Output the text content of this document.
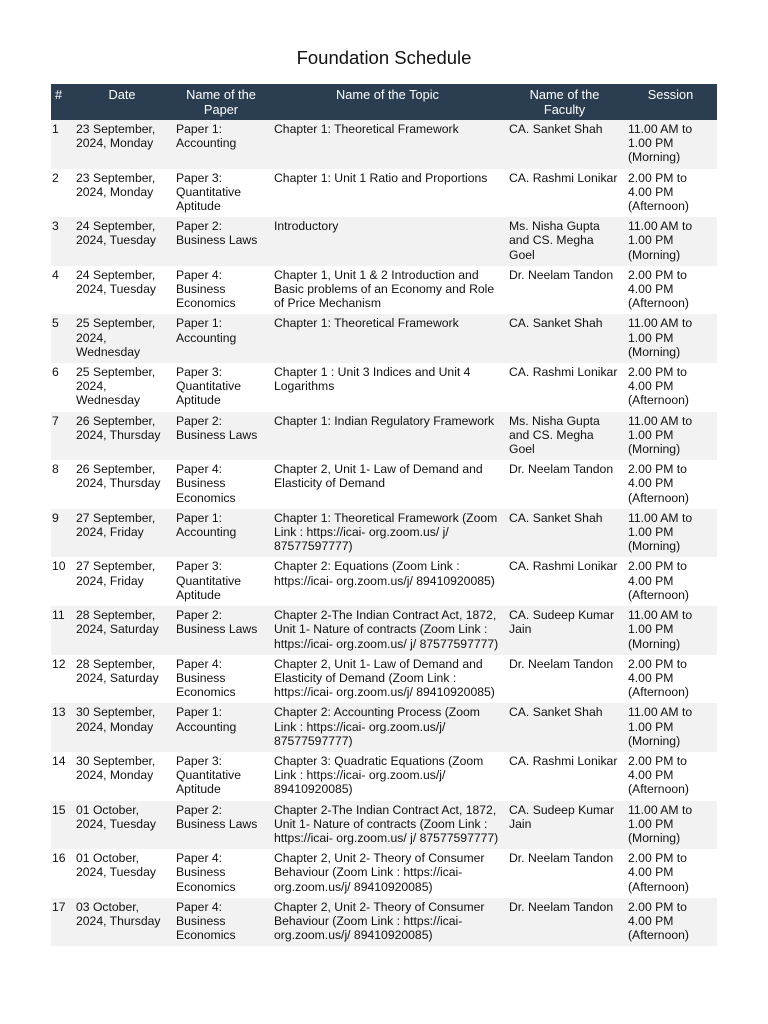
Foundation Schedule
#	Date	Name of the Paper	Name of the Topic	Name of the Faculty	Session
1	23 September, 2024, Monday	Paper 1: Accounting	Chapter 1: Theoretical Framework	CA. Sanket Shah	11.00 AM to 1.00 PM (Morning)
2	23 September, 2024, Monday	Paper 3: Quantitative Aptitude	Chapter 1: Unit 1 Ratio and Proportions	CA. Rashmi Lonikar	2.00 PM to 4.00 PM (Afternoon)
3	24 September, 2024, Tuesday	Paper 2: Business Laws	Introductory	Ms. Nisha Gupta and CS. Megha Goel	11.00 AM to 1.00 PM (Morning)
4	24 September, 2024, Tuesday	Paper 4: Business Economics	Chapter 1, Unit 1 & 2 Introduction and Basic problems of an Economy and Role of Price Mechanism	Dr. Neelam Tandon	2.00 PM to 4.00 PM (Afternoon)
5	25 September, 2024, Wednesday	Paper 1: Accounting	Chapter 1: Theoretical Framework	CA. Sanket Shah	11.00 AM to 1.00 PM (Morning)
6	25 September, 2024, Wednesday	Paper 3: Quantitative Aptitude	Chapter 1 : Unit 3 Indices and Unit 4 Logarithms	CA. Rashmi Lonikar	2.00 PM to 4.00 PM (Afternoon)
7	26 September, 2024, Thursday	Paper 2: Business Laws	Chapter 1: Indian Regulatory Framework	Ms. Nisha Gupta and CS. Megha Goel	11.00 AM to 1.00 PM (Morning)
8	26 September, 2024, Thursday	Paper 4: Business Economics	Chapter 2, Unit 1- Law of Demand and Elasticity of Demand	Dr. Neelam Tandon	2.00 PM to 4.00 PM (Afternoon)
9	27 September, 2024, Friday	Paper 1: Accounting	Chapter 1: Theoretical Framework (Zoom Link : https://icai- org.zoom.us/ j/ 87577597777)	CA. Sanket Shah	11.00 AM to 1.00 PM (Morning)
10	27 September, 2024, Friday	Paper 3: Quantitative Aptitude	Chapter 2: Equations (Zoom Link : https://icai- org.zoom.us/j/ 89410920085)	CA. Rashmi Lonikar	2.00 PM to 4.00 PM (Afternoon)
11	28 September, 2024, Saturday	Paper 2: Business Laws	Chapter 2-The Indian Contract Act, 1872, Unit 1- Nature of contracts (Zoom Link : https://icai- org.zoom.us/ j/ 87577597777)	CA. Sudeep Kumar Jain	11.00 AM to 1.00 PM (Morning)
12	28 September, 2024, Saturday	Paper 4: Business Economics	Chapter 2, Unit 1- Law of Demand and Elasticity of Demand (Zoom Link : https://icai- org.zoom.us/j/ 89410920085)	Dr. Neelam Tandon	2.00 PM to 4.00 PM (Afternoon)
13	30 September, 2024, Monday	Paper 1: Accounting	Chapter 2: Accounting Process (Zoom Link : https://icai- org.zoom.us/j/ 87577597777)	CA. Sanket Shah	11.00 AM to 1.00 PM (Morning)
14	30 September, 2024, Monday	Paper 3: Quantitative Aptitude	Chapter 3: Quadratic Equations (Zoom Link : https://icai- org.zoom.us/j/ 89410920085)	CA. Rashmi Lonikar	2.00 PM to 4.00 PM (Afternoon)
15	01 October, 2024, Tuesday	Paper 2: Business Laws	Chapter 2-The Indian Contract Act, 1872, Unit 1- Nature of contracts (Zoom Link : https://icai- org.zoom.us/ j/ 87577597777)	CA. Sudeep Kumar Jain	11.00 AM to 1.00 PM (Morning)
16	01 October, 2024, Tuesday	Paper 4: Business Economics	Chapter 2, Unit 2- Theory of Consumer Behaviour (Zoom Link : https://icai- org.zoom.us/j/ 89410920085)	Dr. Neelam Tandon	2.00 PM to 4.00 PM (Afternoon)
17	03 October, 2024, Thursday	Paper 4: Business Economics	Chapter 2, Unit 2- Theory of Consumer Behaviour (Zoom Link : https://icai- org.zoom.us/j/ 89410920085)	Dr. Neelam Tandon	2.00 PM to 4.00 PM (Afternoon)
